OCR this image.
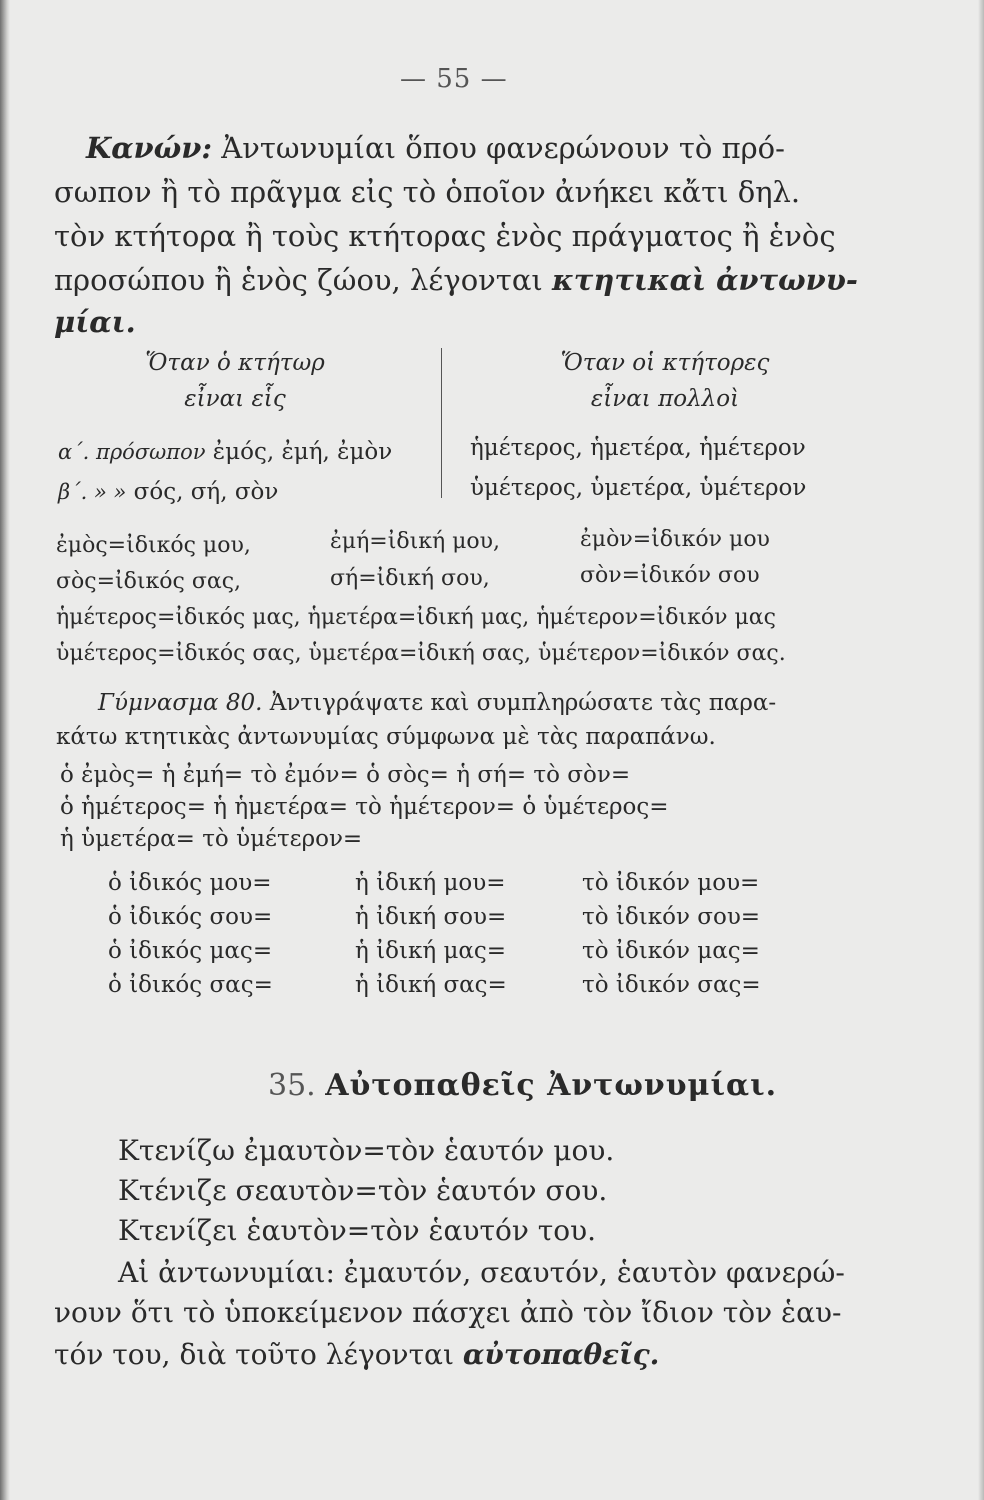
— 55 —
Κανών: Ἀντωνυμίαι ὅπου φανερώνουν τὸ πρό-
σωπον ἢ τὸ πρᾶγμα εἰς τὸ ὁποῖον ἀνήκει κἄτι δηλ.
τὸν κτήτορα ἢ τοὺς κτήτορας ἑνὸς πράγματος ἢ ἑνὸς
προσώπου ἢ ἑνὸς ζώου, λέγονται κτητικαὶ ἀντωνυ-
μίαι.
Ὅταν ὁ κτήτωρ
εἶναι εἷς
Ὅταν οἱ κτήτορες
εἶναι πολλοὶ
α΄. πρόσωπον ἐμός, ἐμή, ἐμὸν	ἡμέτερος, ἡμετέρα, ἡμέτερον
β΄. » » σός, σή, σὸν	ὑμέτερος, ὑμετέρα, ὑμέτερον
ἐμὸς=ἰδικός μου,	ἐμή=ἰδική μου,	ἐμὸν=ἰδικόν μου
σὸς=ἰδικός σας,	σή=ἰδική σου,	σὸν=ἰδικόν σου
ἡμέτερος=ἰδικός μας, ἡμετέρα=ἰδική μας, ἡμέτερον=ἰδικόν μας
ὑμέτερος=ἰδικός σας, ὑμετέρα=ἰδική σας, ὑμέτερον=ἰδικόν σας.
Γύμνασμα 80. Ἀντιγράψατε καὶ συμπληρώσατε τὰς παρα-
κάτω κτητικὰς ἀντωνυμίας σύμφωνα μὲ τὰς παραπάνω.
ὁ ἐμὸς= ἡ ἐμή= τὸ ἐμόν= ὁ σὸς= ἡ σή= τὸ σὸν=
ὁ ἡμέτερος= ἡ ἡμετέρα= τὸ ἡμέτερον= ὁ ὑμέτερος=
ἡ ὑμετέρα= τὸ ὑμέτερον=
ὁ ἰδικός μου=	ἡ ἰδική μου=	τὸ ἰδικόν μου=
ὁ ἰδικός σου=	ἡ ἰδική σου=	τὸ ἰδικόν σου=
ὁ ἰδικός μας=	ἡ ἰδική μας=	τὸ ἰδικόν μας=
ὁ ἰδικός σας=	ἡ ἰδική σας=	τὸ ἰδικόν σας=
35. Αὐτοπαθεῖς Ἀντωνυμίαι.
Κτενίζω ἐμαυτὸν=τὸν ἑαυτόν μου.
Κτένιζε σεαυτὸν=τὸν ἑαυτόν σου.
Κτενίζει ἑαυτὸν=τὸν ἑαυτόν του.
Αἱ ἀντωνυμίαι: ἐμαυτόν, σεαυτόν, ἑαυτὸν φανερώ-
νουν ὅτι τὸ ὑποκείμενον πάσχει ἀπὸ τὸν ἴδιον τὸν ἑαυ-
τόν του, διὰ τοῦτο λέγονται αὐτοπαθεῖς.
